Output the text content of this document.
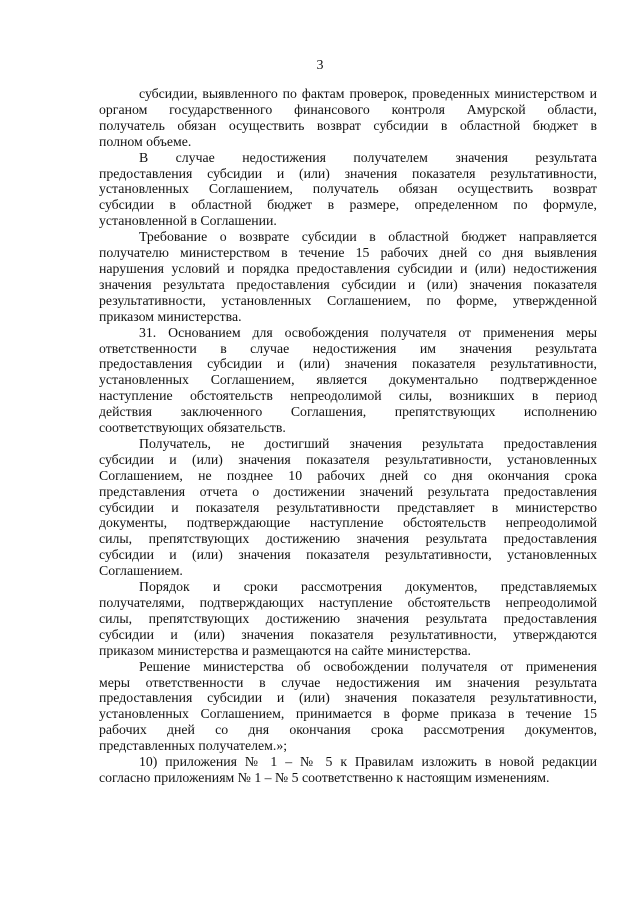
3
субсидии, выявленного по фактам проверок, проведенных министерством и
органом государственного финансового контроля Амурской области,
получатель обязан осуществить возврат субсидии в областной бюджет в
полном объеме.
В случае недостижения получателем значения результата
предоставления субсидии и (или) значения показателя результативности,
установленных Соглашением, получатель обязан осуществить возврат
субсидии в областной бюджет в размере, определенном по формуле,
установленной в Соглашении.
Требование о возврате субсидии в областной бюджет направляется
получателю министерством в течение 15 рабочих дней со дня выявления
нарушения условий и порядка предоставления субсидии и (или) недостижения
значения результата предоставления субсидии и (или) значения показателя
результативности, установленных Соглашением, по форме, утвержденной
приказом министерства.
31. Основанием для освобождения получателя от применения меры
ответственности в случае недостижения им значения результата
предоставления субсидии и (или) значения показателя результативности,
установленных Соглашением, является документально подтвержденное
наступление обстоятельств непреодолимой силы, возникших в период
действия заключенного Соглашения, препятствующих исполнению
соответствующих обязательств.
Получатель, не достигший значения результата предоставления
субсидии и (или) значения показателя результативности, установленных
Соглашением, не позднее 10 рабочих дней со дня окончания срока
представления отчета о достижении значений результата предоставления
субсидии и показателя результативности представляет в министерство
документы, подтверждающие наступление обстоятельств непреодолимой
силы, препятствующих достижению значения результата предоставления
субсидии и (или) значения показателя результативности, установленных
Соглашением.
Порядок и сроки рассмотрения документов, представляемых
получателями, подтверждающих наступление обстоятельств непреодолимой
силы, препятствующих достижению значения результата предоставления
субсидии и (или) значения показателя результативности, утверждаются
приказом министерства и размещаются на сайте министерства.
Решение министерства об освобождении получателя от применения
меры ответственности в случае недостижения им значения результата
предоставления субсидии и (или) значения показателя результативности,
установленных Соглашением, принимается в форме приказа в течение 15
рабочих дней со дня окончания срока рассмотрения документов,
представленных получателем.»;
10) приложения № 1 – № 5 к Правилам изложить в новой редакции
согласно приложениям № 1 – № 5 соответственно к настоящим изменениям.
